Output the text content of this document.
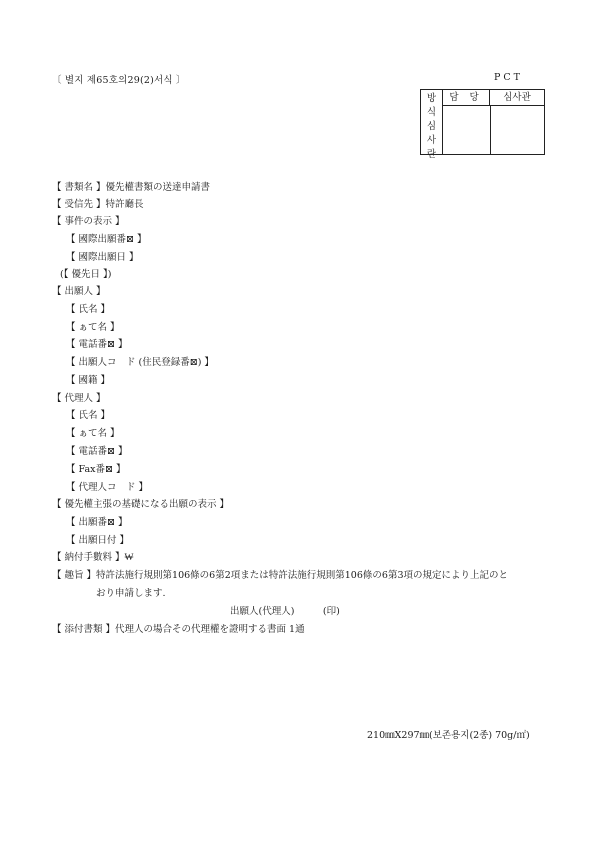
〔 별지 제65호의29(2)서식 〕	PCT
방
식
심
사
란
담 당	심사관
【 書類名 】優先權書類の送達申請書
【 受信先 】特許廳長
【 事件の表示 】
【 國際出願番⊠ 】
【 國際出願日 】
(【 優先日 】)
【 出願人 】
【 氏名 】
【 ぁて名 】
【 電話番⊠ 】
【 出願人コ　ド (住民登録番⊠) 】
【 國籍 】
【 代理人 】
【 氏名 】
【 ぁて名 】
【 電話番⊠ 】
【 Fax番⊠ 】
【 代理人コ　ド 】
【 優先權主張の基礎になる出願の表示 】
【 出願番⊠ 】
【 出願日付 】
【 納付手數料 】₩
【 趣旨 】特許法施行規則第106條の6第2項または特許法施行規則第106條の6第3項の規定により上記のと
おり申請します.
出願人(代理人)　　　(印)
【 添付書類 】代理人の場合その代理權を證明する書面 1通
210㎜X297㎜(보존용지(2종) 70g/㎡)
